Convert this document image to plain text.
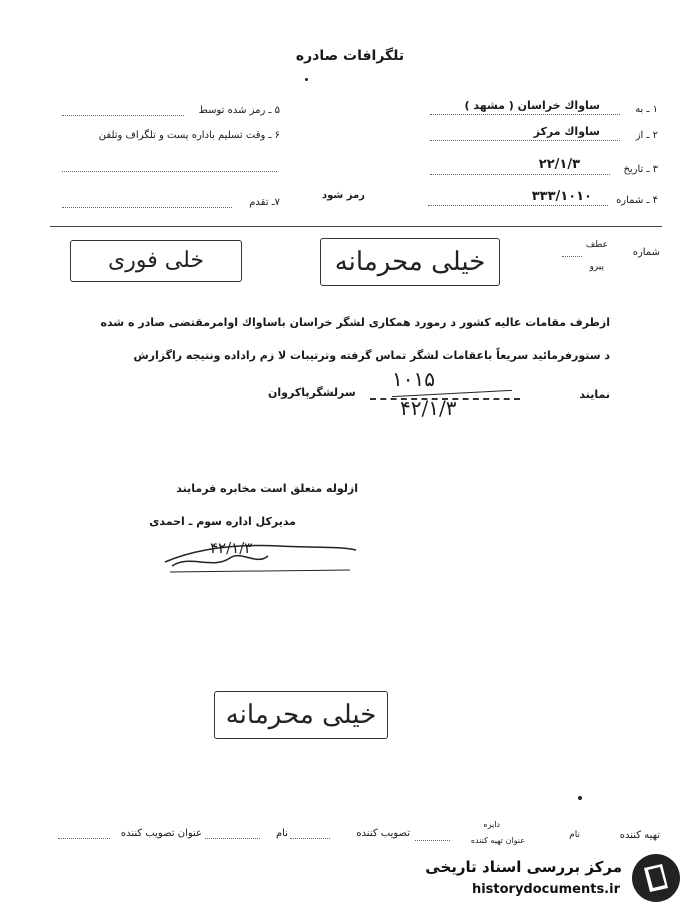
تلگرافات صادره
۱ ـ به
ساواك خراسان ( مشهد )
۲ ـ از
ساواك مركز
۳ ـ تاريخ
۲۲/۱/۳
۴ ـ شماره
۳۳۳/۱۰۱۰
۵ ـ رمز شده توسط
۶ ـ وقت تسليم باداره پست و تلگراف وتلفن
۷ـ تقدم
رمز شود
خلی فوری	خیلی محرمانه	شماره
عطف
پیرو
ازطرف مقامات عالیه کشور د رمورد همکاری لشگر خراسان باساواك اوامرمقتضی صادر ه شده
د ستورفرمائید سریعاً باعقامات لشگر تماس گرفته وترتیبات لا زم راداده ونتیجه راگزارش
نمایند
سرلشگرپاکروان
۱۰۱۵
۴۲/۱/۳
ازلوله متعلق است مخابره فرمایند
مدیرکل اداره سوم ـ احمدی
۴۲/۱/۳
خیلی محرمانه
تهیه کننده
نام
دایره
عنوان تهیه کننده
تصویب کننده
نام
عنوان تصویب کننده
مرکز بررسی اسناد تاریخی
historydocuments.ir
